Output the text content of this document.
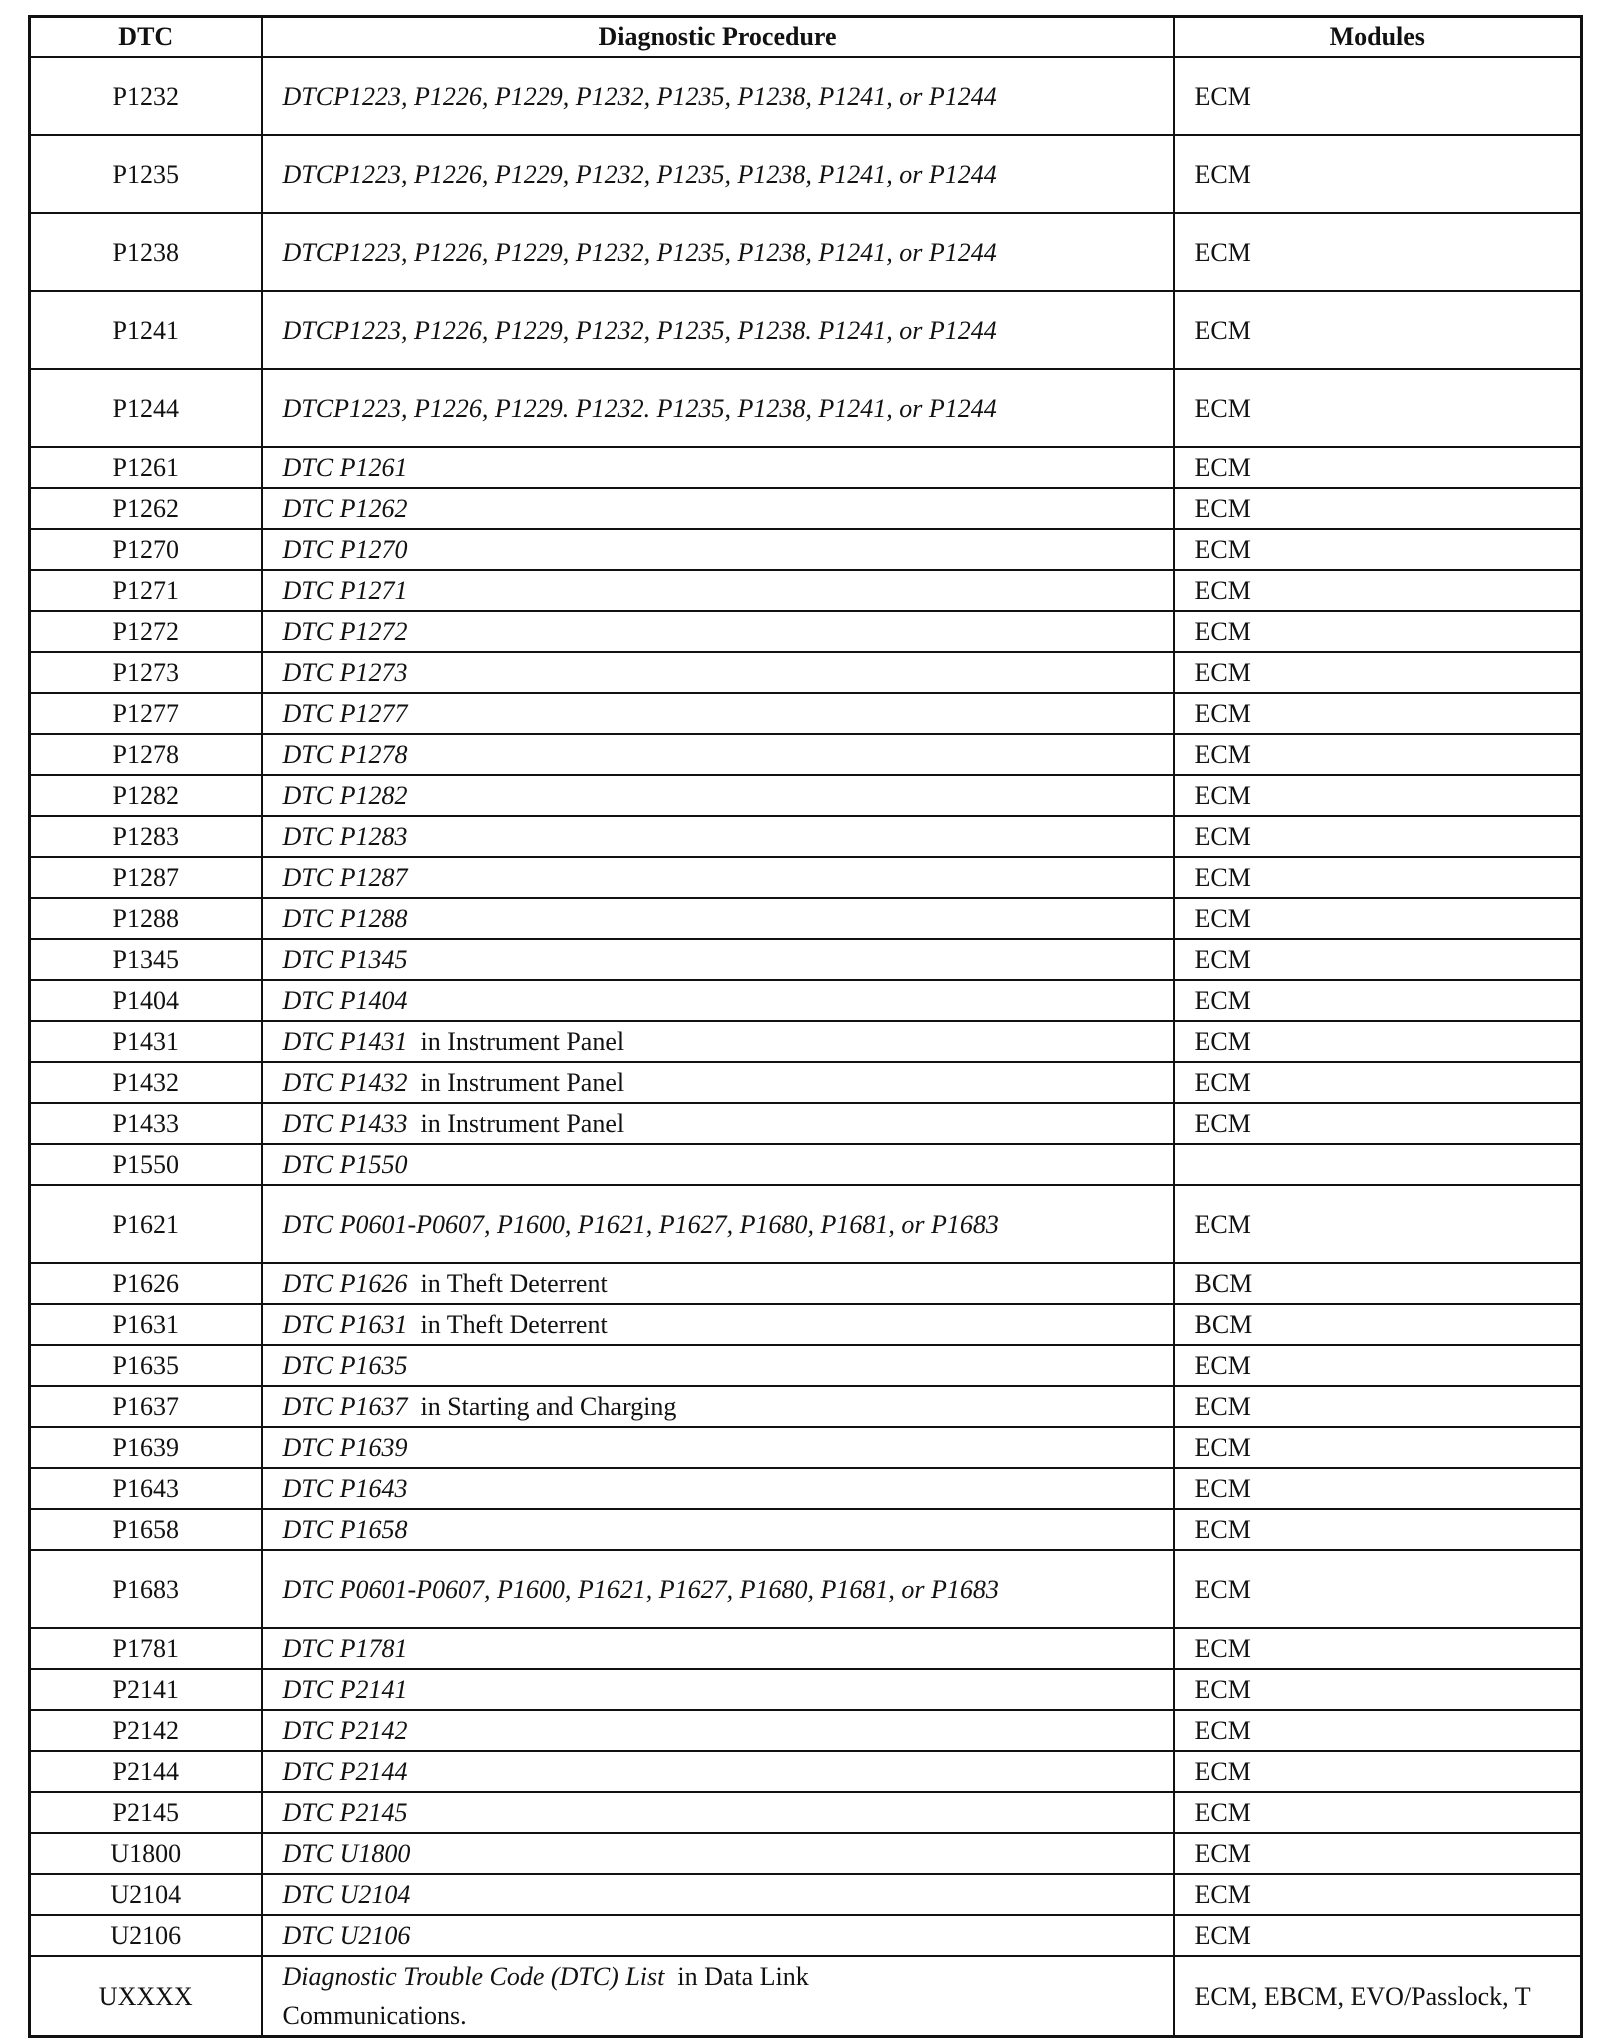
DTC	Diagnostic Procedure	Modules
P1232	DTCP1223, P1226, P1229, P1232, P1235, P1238, P1241, or P1244	ECM
P1235	DTCP1223, P1226, P1229, P1232, P1235, P1238, P1241, or P1244	ECM
P1238	DTCP1223, P1226, P1229, P1232, P1235, P1238, P1241, or P1244	ECM
P1241	DTCP1223, P1226, P1229, P1232, P1235, P1238. P1241, or P1244	ECM
P1244	DTCP1223, P1226, P1229. P1232. P1235, P1238, P1241, or P1244	ECM
P1261	DTC P1261	ECM
P1262	DTC P1262	ECM
P1270	DTC P1270	ECM
P1271	DTC P1271	ECM
P1272	DTC P1272	ECM
P1273	DTC P1273	ECM
P1277	DTC P1277	ECM
P1278	DTC P1278	ECM
P1282	DTC P1282	ECM
P1283	DTC P1283	ECM
P1287	DTC P1287	ECM
P1288	DTC P1288	ECM
P1345	DTC P1345	ECM
P1404	DTC P1404	ECM
P1431	DTC P1431 in Instrument Panel	ECM
P1432	DTC P1432 in Instrument Panel	ECM
P1433	DTC P1433 in Instrument Panel	ECM
P1550	DTC P1550	
P1621	DTC P0601-P0607, P1600, P1621, P1627, P1680, P1681, or P1683	ECM
P1626	DTC P1626 in Theft Deterrent	BCM
P1631	DTC P1631 in Theft Deterrent	BCM
P1635	DTC P1635	ECM
P1637	DTC P1637 in Starting and Charging	ECM
P1639	DTC P1639	ECM
P1643	DTC P1643	ECM
P1658	DTC P1658	ECM
P1683	DTC P0601-P0607, P1600, P1621, P1627, P1680, P1681, or P1683	ECM
P1781	DTC P1781	ECM
P2141	DTC P2141	ECM
P2142	DTC P2142	ECM
P2144	DTC P2144	ECM
P2145	DTC P2145	ECM
U1800	DTC U1800	ECM
U2104	DTC U2104	ECM
U2106	DTC U2106	ECM
UXXXX	Diagnostic Trouble Code (DTC) List in Data Link Communications.	ECM, EBCM, EVO/Passlock, T
